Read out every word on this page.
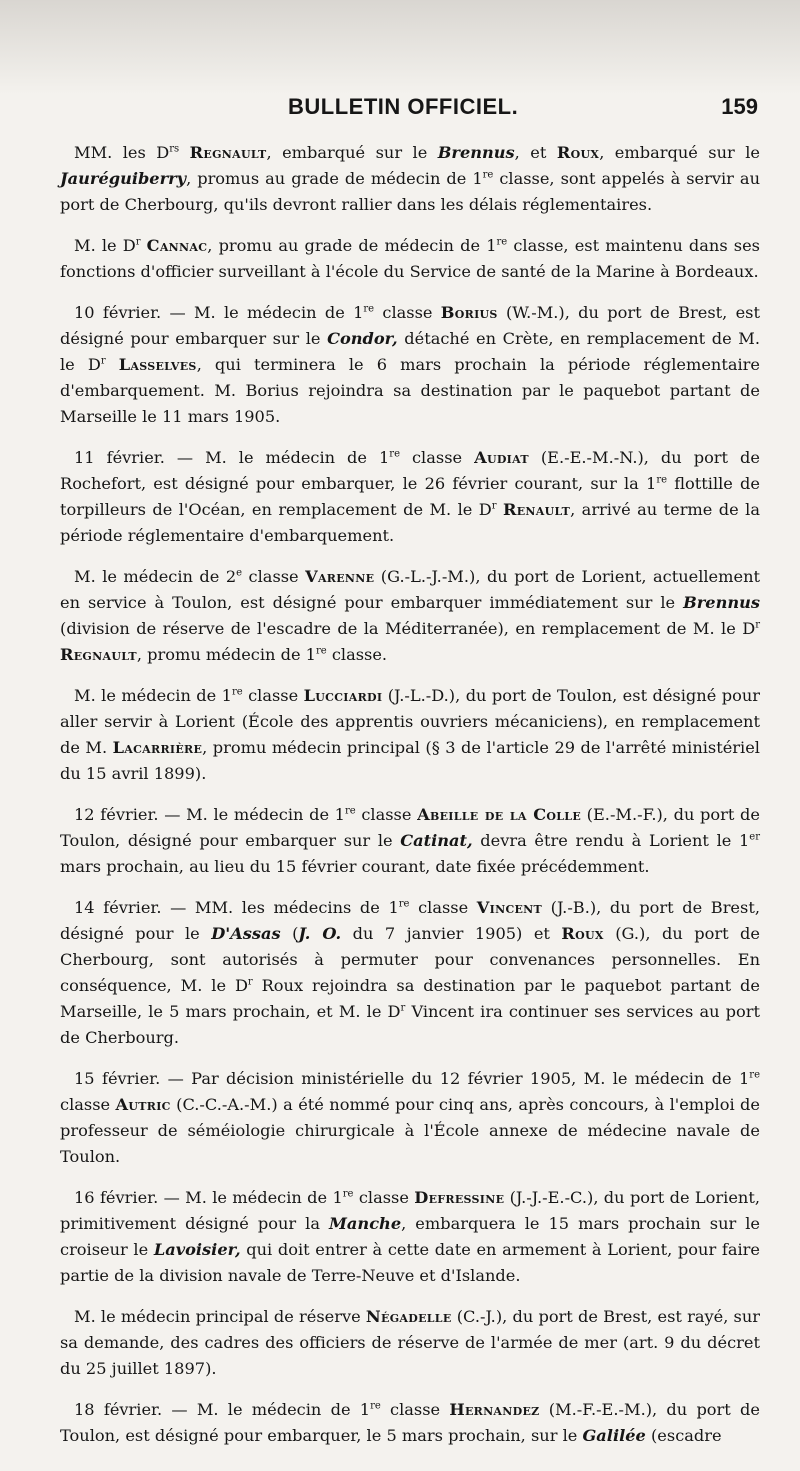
BULLETIN OFFICIEL.	159

MM. les $D^{rs}$ Regnault, embarqué sur le Brennus, et Roux, embarqué sur le Jauréguiberry, promus au grade de médecin de 1re classe, sont appelés à servir au port de Cherbourg, qu'ils devront rallier dans les délais réglementaires.

M. le $D^r$ Cannac, promu au grade de médecin de 1re classe, est maintenu dans ses fonctions d'officier surveillant à l'école du Service de santé de la Marine à Bordeaux.

10 février. — M. le médecin de 1re classe Borius (W.-M.), du port de Brest, est désigné pour embarquer sur le Condor, détaché en Crète, en remplacement de M. le $D^r$ Lasselves, qui terminera le 6 mars prochain la période réglementaire d'embarquement. M. Borius rejoindra sa destination par le paquebot partant de Marseille le 11 mars 1905.

11 février. — M. le médecin de 1re classe Audiat (E.-E.-M.-N.), du port de Rochefort, est désigné pour embarquer, le 26 février courant, sur la 1re flottille de torpilleurs de l'Océan, en remplacement de M. le $D^r$ Renault, arrivé au terme de la période réglementaire d'embarquement.

M. le médecin de 2e classe Varenne (G.-L.-J.-M.), du port de Lorient, actuellement en service à Toulon, est désigné pour embarquer immédiatement sur le Brennus (division de réserve de l'escadre de la Méditerranée), en remplacement de M. le $D^r$ Regnault, promu médecin de 1re classe.

M. le médecin de 1re classe Lucciardi (J.-L.-D.), du port de Toulon, est désigné pour aller servir à Lorient (École des apprentis ouvriers mécaniciens), en remplacement de M. Lacarrière, promu médecin principal (§ 3 de l'article 29 de l'arrêté ministériel du 15 avril 1899).

12 février. — M. le médecin de 1re classe Abeille de la Colle (E.-M.-F.), du port de Toulon, désigné pour embarquer sur le Catinat, devra être rendu à Lorient le 1er mars prochain, au lieu du 15 février courant, date fixée précédemment.

14 février. — MM. les médecins de 1re classe Vincent (J.-B.), du port de Brest, désigné pour le D'Assas (J. O. du 7 janvier 1905) et Roux (G.), du port de Cherbourg, sont autorisés à permuter pour convenances personnelles. En conséquence, M. le $D^r$ Roux rejoindra sa destination par le paquebot partant de Marseille, le 5 mars prochain, et M. le $D^r$ Vincent ira continuer ses services au port de Cherbourg.

15 février. — Par décision ministérielle du 12 février 1905, M. le médecin de 1re classe Autric (C.-C.-A.-M.) a été nommé pour cinq ans, après concours, à l'emploi de professeur de séméiologie chirurgicale à l'École annexe de médecine navale de Toulon.

16 février. — M. le médecin de 1re classe Defressine (J.-J.-E.-C.), du port de Lorient, primitivement désigné pour la Manche, embarquera le 15 mars prochain sur le croiseur le Lavoisier, qui doit entrer à cette date en armement à Lorient, pour faire partie de la division navale de Terre-Neuve et d'Islande.

M. le médecin principal de réserve Négadelle (C.-J.), du port de Brest, est rayé, sur sa demande, des cadres des officiers de réserve de l'armée de mer (art. 9 du décret du 25 juillet 1897).

18 février. — M. le médecin de 1re classe Hernandez (M.-F.-E.-M.), du port de Toulon, est désigné pour embarquer, le 5 mars prochain, sur le Galilée (escadre
